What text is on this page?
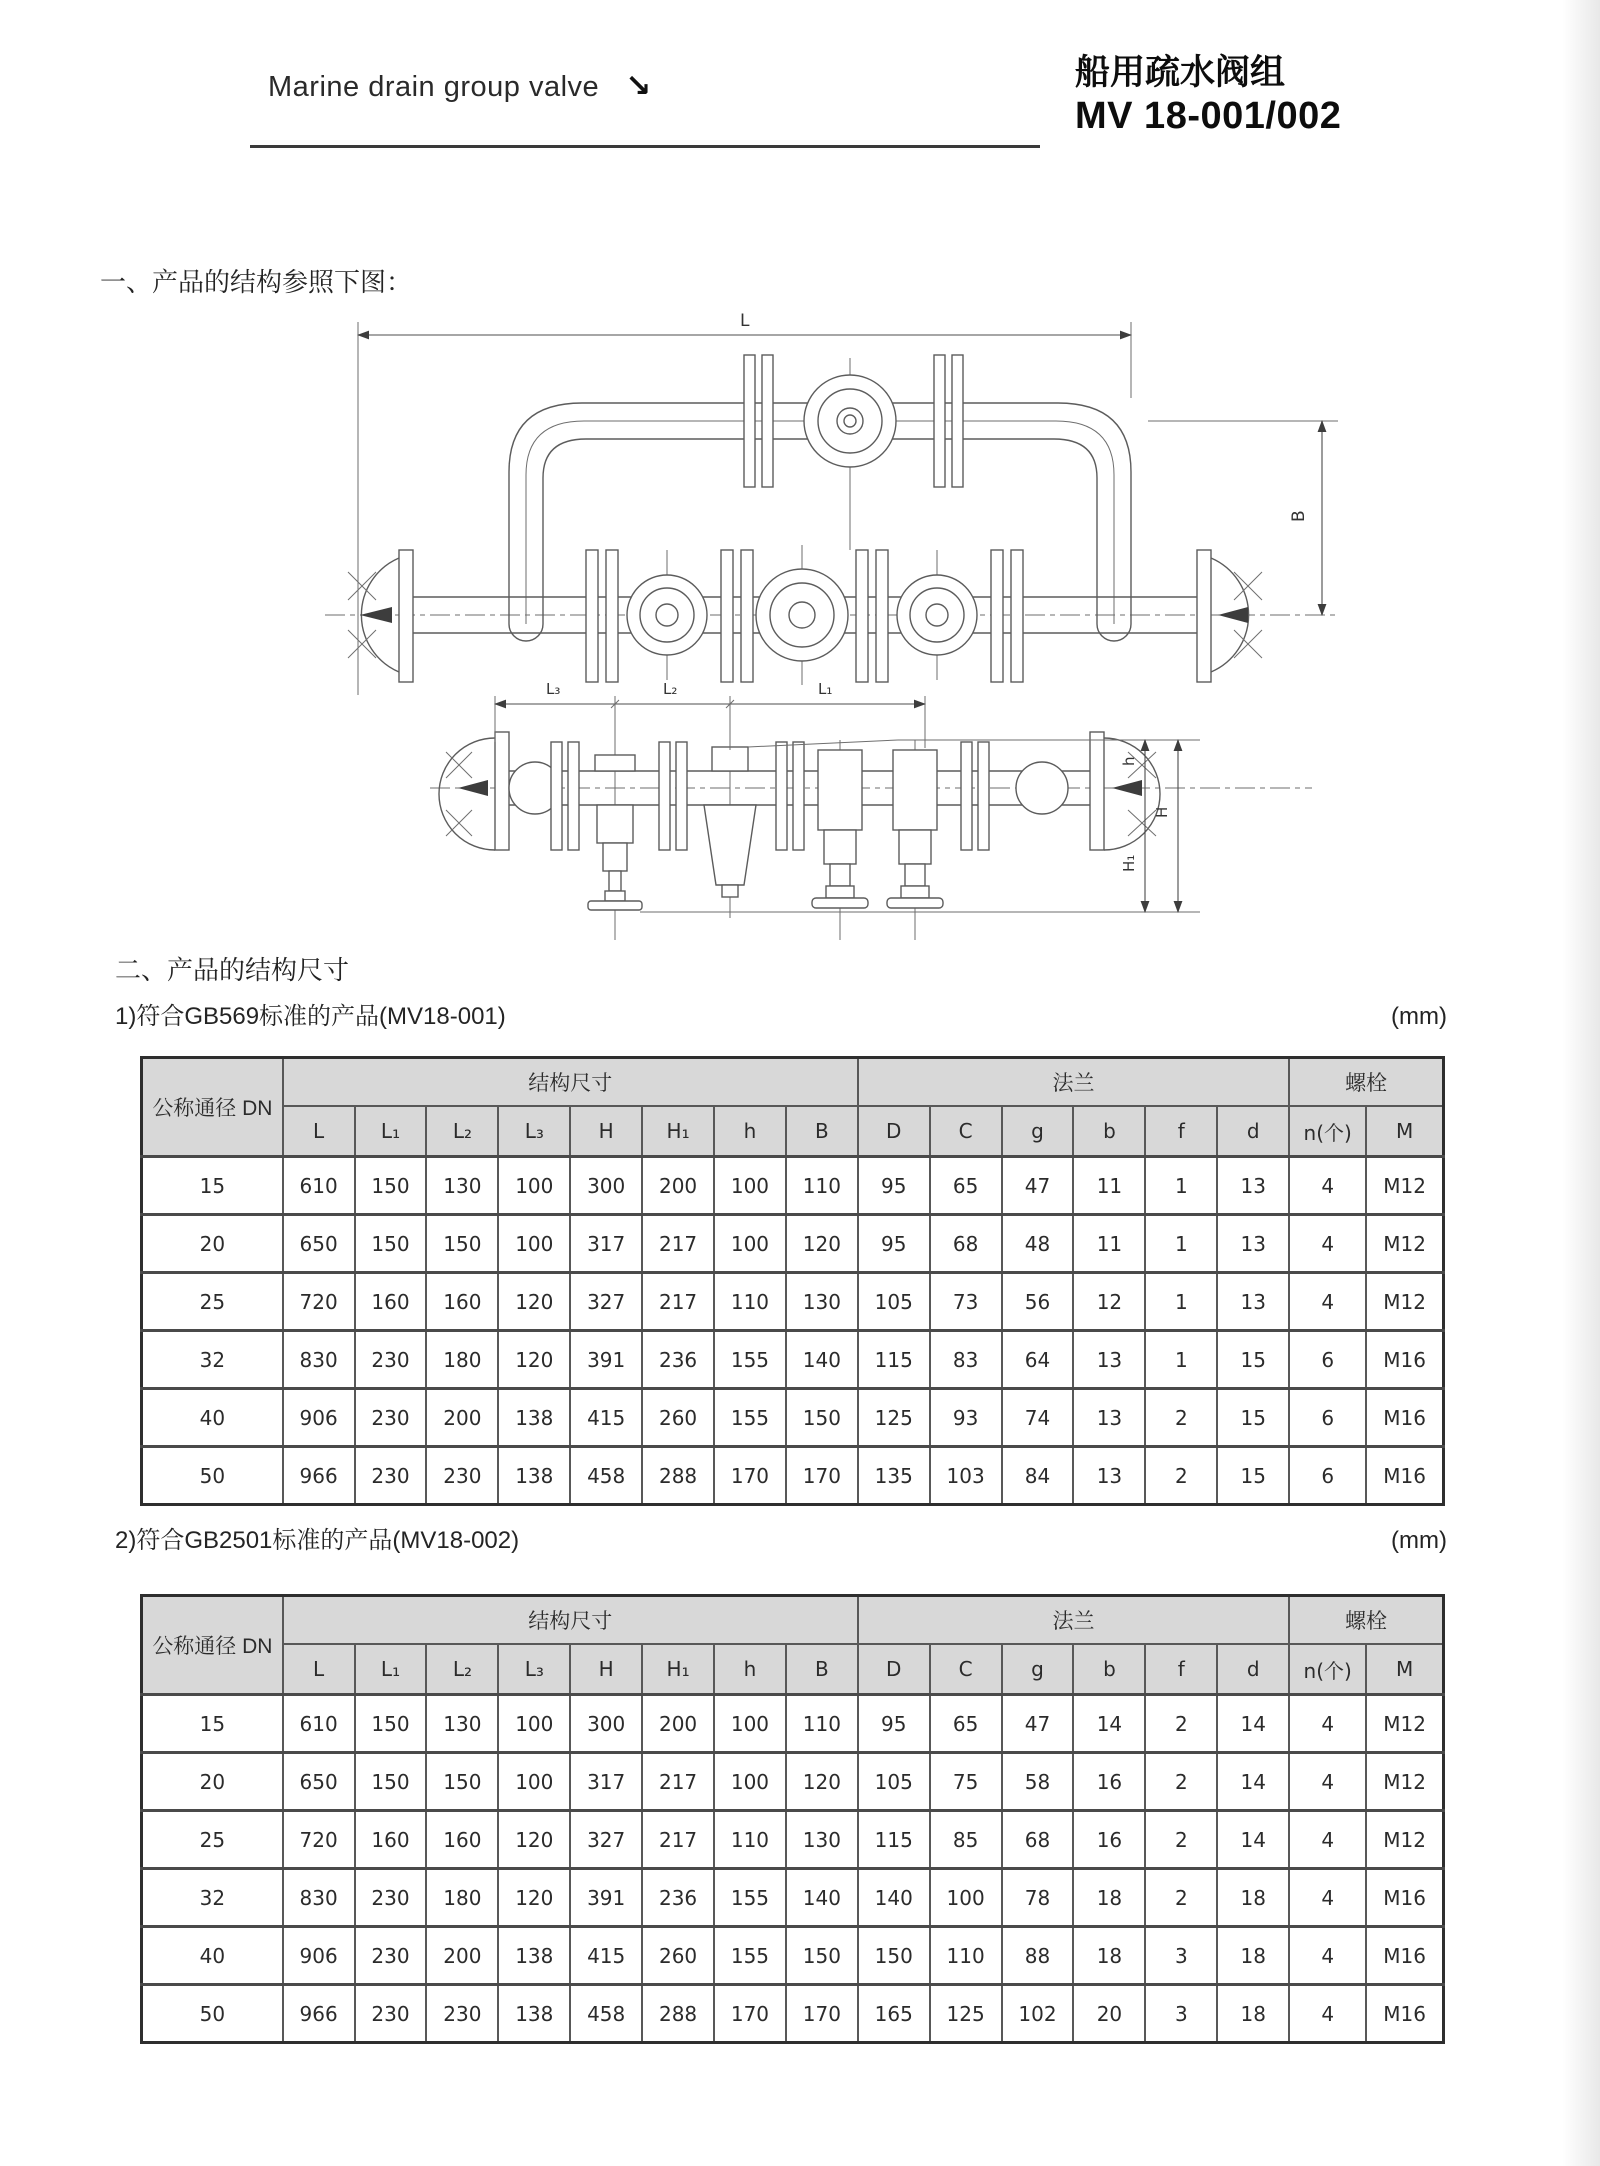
Marine drain group valve ↘	船用疏水阀组
MV 18-001/002
一、产品的结构参照下图：
L
B
L₃	L₂	L₁
h
H₁
H
二、产品的结构尺寸
1)符合GB569标准的产品(MV18-001)	(mm)
公称通径 DN	结构尺寸								法兰						螺栓	
	L	L₁	L₂	L₃	H	H₁	h	B	D	C	g	b	f	d	n(个)	M
15	610	150	130	100	300	200	100	110	95	65	47	11	1	13	4	M12
20	650	150	150	100	317	217	100	120	95	68	48	11	1	13	4	M12
25	720	160	160	120	327	217	110	130	105	73	56	12	1	13	4	M12
32	830	230	180	120	391	236	155	140	115	83	64	13	1	15	6	M16
40	906	230	200	138	415	260	155	150	125	93	74	13	2	15	6	M16
50	966	230	230	138	458	288	170	170	135	103	84	13	2	15	6	M16
2)符合GB2501标准的产品(MV18-002)	(mm)
公称通径 DN	结构尺寸								法兰						螺栓	
	L	L₁	L₂	L₃	H	H₁	h	B	D	C	g	b	f	d	n(个)	M
15	610	150	130	100	300	200	100	110	95	65	47	14	2	14	4	M12
20	650	150	150	100	317	217	100	120	105	75	58	16	2	14	4	M12
25	720	160	160	120	327	217	110	130	115	85	68	16	2	14	4	M12
32	830	230	180	120	391	236	155	140	140	100	78	18	2	18	4	M16
40	906	230	200	138	415	260	155	150	150	110	88	18	3	18	4	M16
50	966	230	230	138	458	288	170	170	165	125	102	20	3	18	4	M16
